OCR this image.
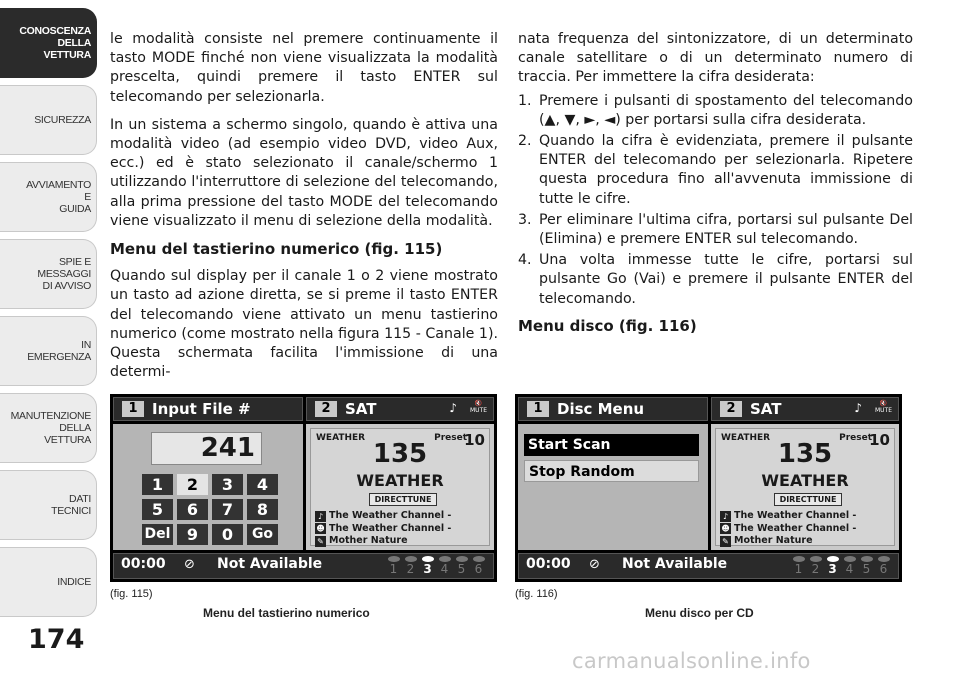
CONOSCENZA
DELLA
VETTURA
SICUREZZA
AVVIAMENTO
E
GUIDA
SPIE E
MESSAGGI
DI AVVISO
IN
EMERGENZA
MANUTENZIONE
DELLA
VETTURA
DATI
TECNICI
INDICE
174

le modalità consiste nel premere continuamente il tasto MODE finché non viene visualizzata la modalità prescelta, quindi premere il tasto ENTER sul telecomando per selezionarla.

In un sistema a schermo singolo, quando è attiva una modalità video (ad esempio video DVD, video Aux, ecc.) ed è stato selezionato il canale/schermo 1 utilizzando l'interruttore di selezione del telecomando, alla prima pressione del tasto MODE del telecomando viene visualizzato il menu di selezione della modalità.

Menu del tastierino numerico (fig. 115)

Quando sul display per il canale 1 o 2 viene mostrato un tasto ad azione diretta, se si preme il tasto ENTER del telecomando viene attivato un menu tastierino numerico (come mostrato nella figura 115 - Canale 1). Questa schermata facilita l'immissione di una determi-

nata frequenza del sintonizzatore, di un determinato canale satellitare o di un determinato numero di traccia. Per immettere la cifra desiderata:

1. Premere i pulsanti di spostamento del telecomando (▲, ▼, ►, ◄) per portarsi sulla cifra desiderata.
2. Quando la cifra è evidenziata, premere il pulsante ENTER del telecomando per selezionarla. Ripetere questa procedura fino all'avvenuta immissione di tutte le cifre.
3. Per eliminare l'ultima cifra, portarsi sul pulsante Del (Elimina) e premere ENTER sul telecomando.
4. Una volta immesse tutte le cifre, portarsi sul pulsante Go (Vai) e premere il pulsante ENTER del telecomando.
Menu disco (fig. 116)
1 Input File #	2 SAT	♪	🔇
MUTE
241
1	2	3	4
5	6	7	8
Del	9	0	Go
WEATHER	Preset
10
135
WEATHER
DIRECTTUNE
♪ The Weather Channel -
☻ The Weather Channel -
✎ Mother Nature
00:00 ⊘ Not Available	1 2 3 4 5 6
(fig. 115)
Menu del tastierino numerico
1 Disc Menu	2 SAT	♪	🔇
MUTE
Start Scan
Stop Random
WEATHER	Preset
10
135
WEATHER
DIRECTTUNE
♪ The Weather Channel -
☻ The Weather Channel -
✎ Mother Nature
00:00 ⊘ Not Available	1 2 3 4 5 6
(fig. 116)
Menu disco per CD
carmanualsonline.info
